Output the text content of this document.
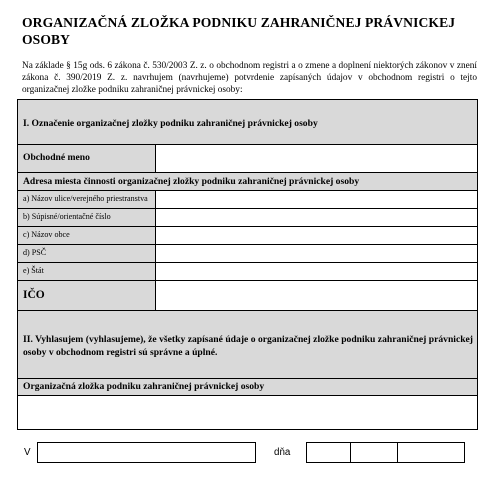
ORGANIZAČNÁ ZLOŽKA PODNIKU ZAHRANIČNEJ PRÁVNICKEJ OSOBY
Na základe § 15g ods. 6 zákona č. 530/2003 Z. z. o obchodnom registri a o zmene a doplnení niektorých zákonov v znení zákona č. 390/2019 Z. z. navrhujem (navrhujeme) potvrdenie zapísaných údajov v obchodnom registri o tejto organizačnej zložke podniku zahraničnej právnickej osoby:
I. Označenie organizačnej zložky podniku zahraničnej právnickej osoby
Obchodné meno
Adresa miesta činnosti organizačnej zložky podniku zahraničnej právnickej osoby
a) Názov ulice/verejného priestranstva
b) Súpisné/orientačné číslo
c) Názov obce
d) PSČ
e) Štát
IČO
II. Vyhlasujem (vyhlasujeme), že všetky zapísané údaje o organizačnej zložke podniku zahraničnej právnickej osoby v obchodnom registri sú správne a úplné.
Organizačná zložka podniku zahraničnej právnickej osoby
V	dňa
